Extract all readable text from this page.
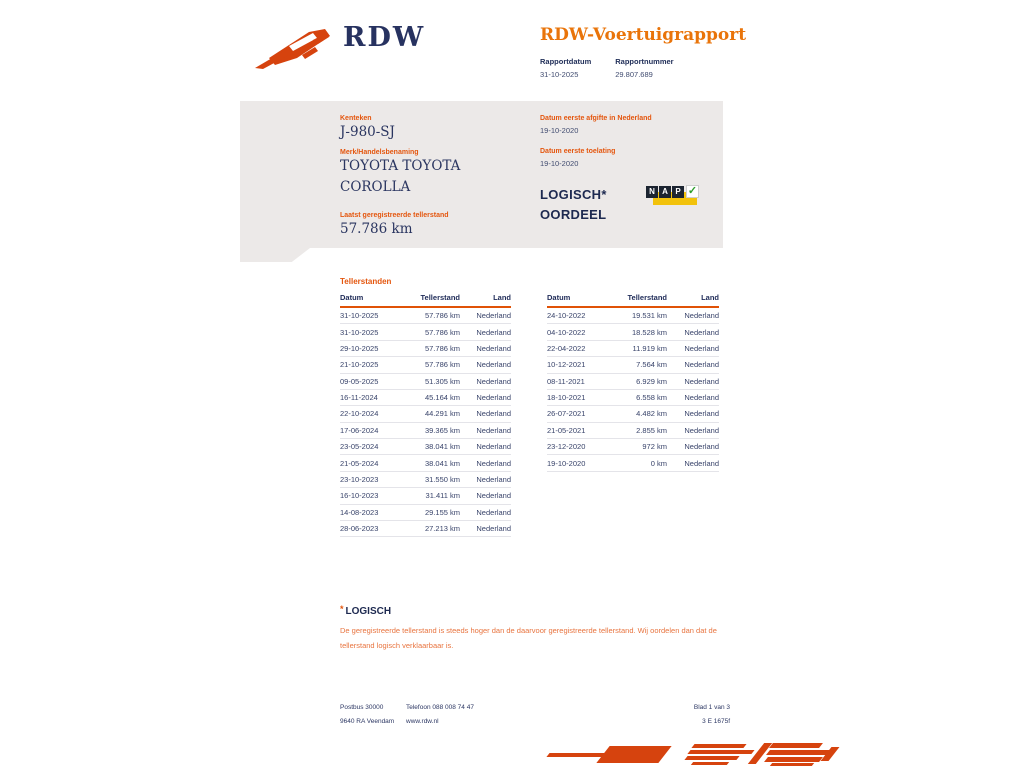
RDW	RDW-Voertuigrapport
Rapportdatum
31-10-2025
Rapportnummer
29.807.689
Kenteken
J-980-SJ
Merk/Handelsbenaming
TOYOTA TOYOTA
COROLLA
Laatst geregistreerde tellerstand
57.786 km
Datum eerste afgifte in Nederland
19-10-2020
Datum eerste toelating
19-10-2020
LOGISCH*
OORDEEL
N A P ✓
Tellerstanden
Datum	Tellerstand	Land
31-10-2025	57.786 km	Nederland
31-10-2025	57.786 km	Nederland
29-10-2025	57.786 km	Nederland
21-10-2025	57.786 km	Nederland
09-05-2025	51.305 km	Nederland
16-11-2024	45.164 km	Nederland
22-10-2024	44.291 km	Nederland
17-06-2024	39.365 km	Nederland
23-05-2024	38.041 km	Nederland
21-05-2024	38.041 km	Nederland
23-10-2023	31.550 km	Nederland
16-10-2023	31.411 km	Nederland
14-08-2023	29.155 km	Nederland
28-06-2023	27.213 km	Nederland
Datum	Tellerstand	Land
24-10-2022	19.531 km	Nederland
04-10-2022	18.528 km	Nederland
22-04-2022	11.919 km	Nederland
10-12-2021	7.564 km	Nederland
08-11-2021	6.929 km	Nederland
18-10-2021	6.558 km	Nederland
26-07-2021	4.482 km	Nederland
21-05-2021	2.855 km	Nederland
23-12-2020	972 km	Nederland
19-10-2020	0 km	Nederland
* LOGISCH
De geregistreerde tellerstand is steeds hoger dan de daarvoor geregistreerde tellerstand. Wij oordelen dan dat de tellerstand logisch verklaarbaar is.
Postbus 30000
9640 RA Veendam
Telefoon 088 008 74 47
www.rdw.nl
Blad 1 van 3
3 E 1675f
